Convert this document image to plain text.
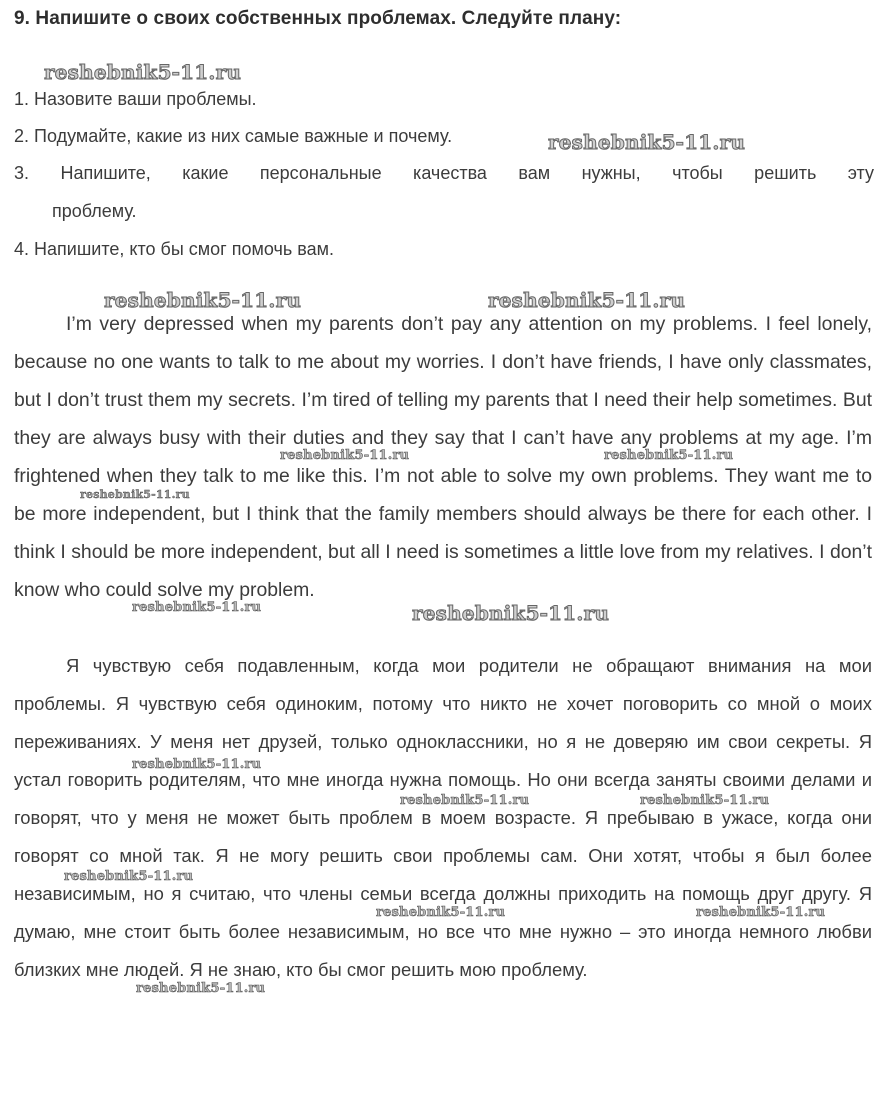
9. Напишите о своих собственных проблемах. Следуйте плану:
1. Назовите ваши проблемы.
2. Подумайте, какие из них самые важные и почему.
3. Напишите, какие персональные качества вам нужны, чтобы решить эту
проблему.
4. Напишите, кто бы смог помочь вам.

I’m very depressed when my parents don’t pay any attention on my problems. I feel lonely, because no one wants to talk to me about my worries. I don’t have friends, I have only classmates, but I don’t trust them my secrets. I’m tired of telling my parents that I need their help sometimes. But they are always busy with their duties and they say that I can’t have any problems at my age. I’m frightened when they talk to me like this. I’m not able to solve my own problems. They want me to be more independent, but I think that the family members should always be there for each other. I think I should be more independent, but all I need is sometimes a little love from my relatives. I don’t know who could solve my problem.

Я чувствую себя подавленным, когда мои родители не обращают внимания на мои проблемы. Я чувствую себя одиноким, потому что никто не хочет поговорить со мной о моих переживаниях. У меня нет друзей, только одноклассники, но я не доверяю им свои секреты. Я устал говорить родителям, что мне иногда нужна помощь. Но они всегда заняты своими делами и говорят, что у меня не может быть проблем в моем возрасте. Я пребываю в ужасе, когда они говорят со мной так. Я не могу решить свои проблемы сам. Они хотят, чтобы я был более независимым, но я считаю, что члены семьи всегда должны приходить на помощь друг другу. Я думаю, мне стоит быть более независимым, но все что мне нужно – это иногда немного любви близких мне людей. Я не знаю, кто бы смог решить мою проблему.

reshebnik5-11.ru
reshebnik5-11.ru
reshebnik5-11.ru	reshebnik5-11.ru
reshebnik5-11.ru	reshebnik5-11.ru
reshebnik5-11.ru
reshebnik5-11.ru	reshebnik5-11.ru
reshebnik5-11.ru
reshebnik5-11.ru	reshebnik5-11.ru
reshebnik5-11.ru
reshebnik5-11.ru	reshebnik5-11.ru
reshebnik5-11.ru
